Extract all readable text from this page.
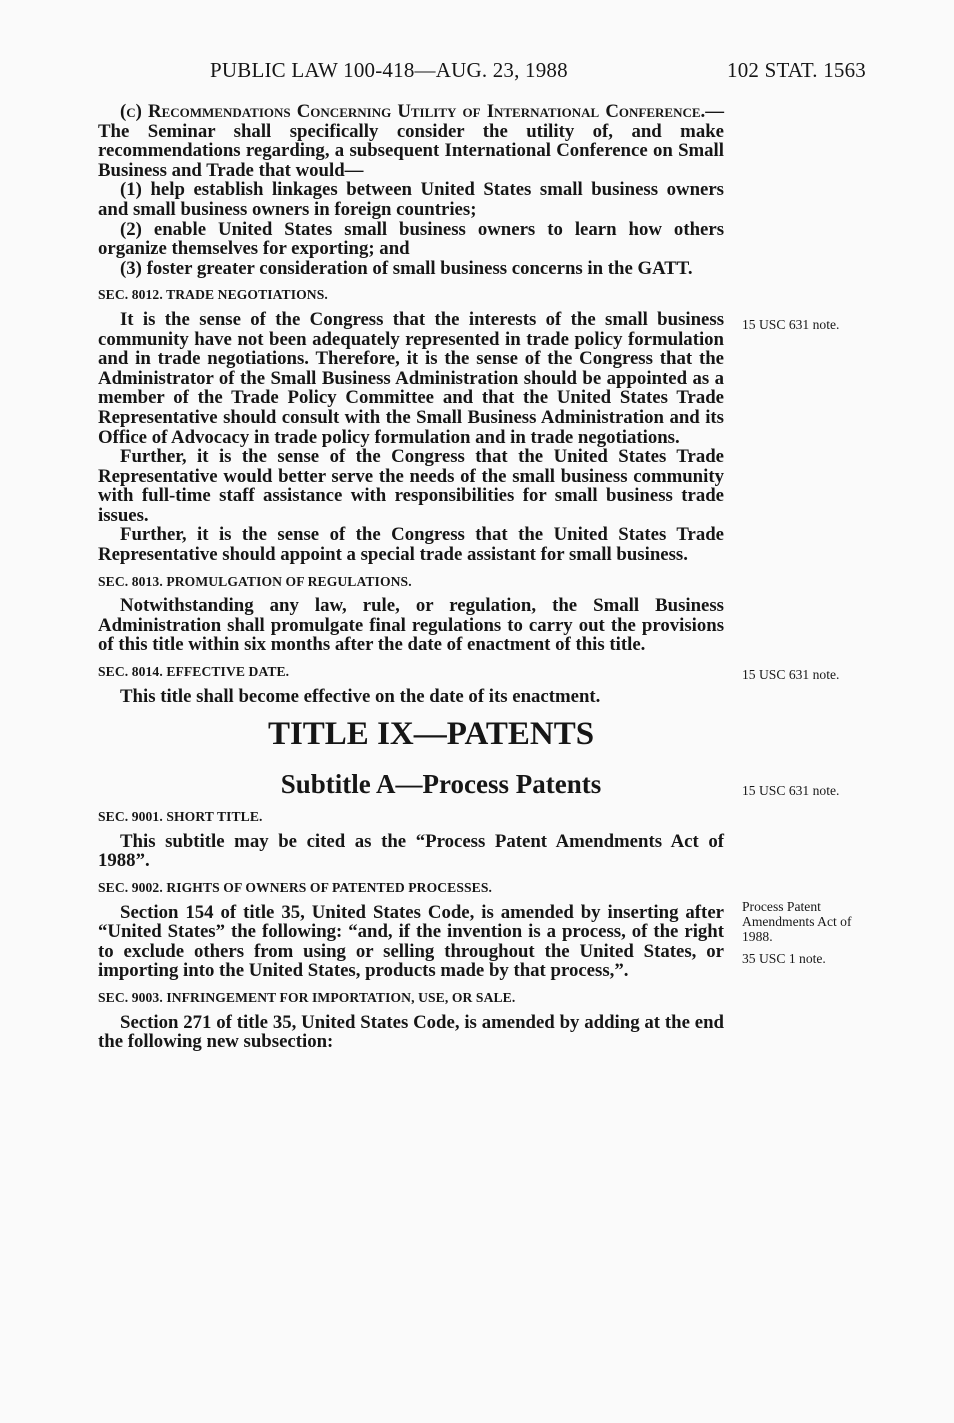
PUBLIC LAW 100-418—AUG. 23, 1988	102 STAT. 1563

(c) Recommendations Concerning Utility of International Conference.—The Seminar shall specifically consider the utility of, and make recommendations regarding, a subsequent International Conference on Small Business and Trade that would—

(1) help establish linkages between United States small business owners and small business owners in foreign countries;

(2) enable United States small business owners to learn how others organize themselves for exporting; and

(3) foster greater consideration of small business concerns in the GATT.

SEC. 8012. TRADE NEGOTIATIONS.

It is the sense of the Congress that the interests of the small business community have not been adequately represented in trade policy formulation and in trade negotiations. Therefore, it is the sense of the Congress that the Administrator of the Small Business Administration should be appointed as a member of the Trade Policy Committee and that the United States Trade Representative should consult with the Small Business Administration and its Office of Advocacy in trade policy formulation and in trade negotiations.

Further, it is the sense of the Congress that the United States Trade Representative would better serve the needs of the small business community with full-time staff assistance with responsibilities for small business trade issues.

Further, it is the sense of the Congress that the United States Trade Representative should appoint a special trade assistant for small business.

SEC. 8013. PROMULGATION OF REGULATIONS.

Notwithstanding any law, rule, or regulation, the Small Business Administration shall promulgate final regulations to carry out the provisions of this title within six months after the date of enactment of this title.

SEC. 8014. EFFECTIVE DATE.

This title shall become effective on the date of its enactment.

TITLE IX—PATENTS
Subtitle A—Process Patents
SEC. 9001. SHORT TITLE.

This subtitle may be cited as the “Process Patent Amendments Act of 1988”.

SEC. 9002. RIGHTS OF OWNERS OF PATENTED PROCESSES.

Section 154 of title 35, United States Code, is amended by inserting after “United States” the following: “and, if the invention is a process, of the right to exclude others from using or selling throughout the United States, or importing into the United States, products made by that process,”.

SEC. 9003. INFRINGEMENT FOR IMPORTATION, USE, OR SALE.

Section 271 of title 35, United States Code, is amended by adding at the end the following new subsection:

15 USC 631 note.
15 USC 631 note.
15 USC 631 note.
Process Patent Amendments Act of 1988.
35 USC 1 note.
